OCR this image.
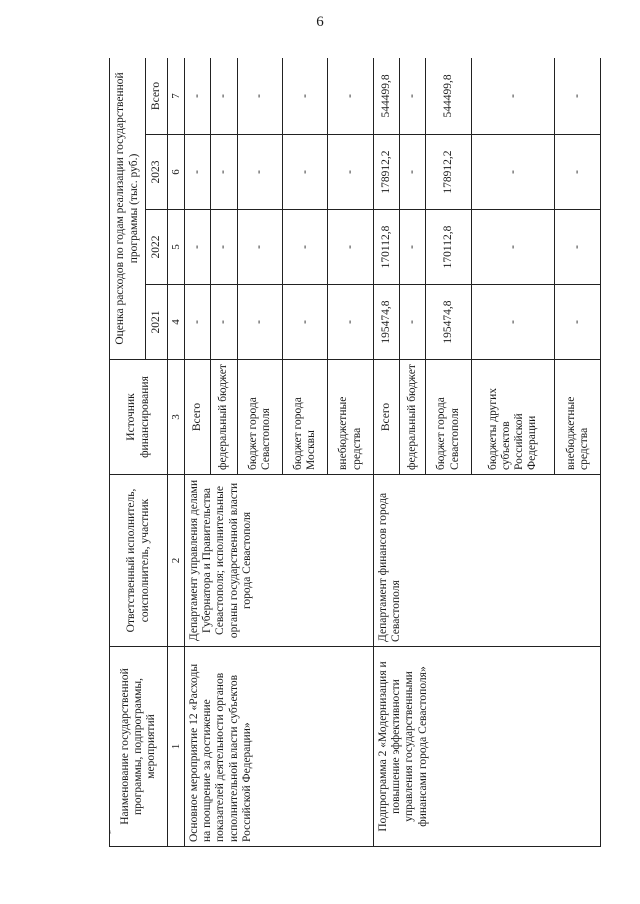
6
ᵢ
Наименование государственной программы, подпрограммы, мероприятий	Ответственный исполнитель, соисполнитель, участник	Источник финансирования	Оценка расходов по годам реализации государственной программы (тыс. руб.)			
			2021	2022	2023	Всего
1	2	3	4	5	6	7
Основное мероприятие 12 «Расходы на поощрение за достижение показателей деятельности органов исполнительной власти субъектов Российской Федерации»	Департамент управления делами Губернатора и Правительства Севастополя; исполнительные органы государственной власти города Севастополя	Всего	-	-	-	-
		федеральный бюджет	-	-	-	-
		бюджет города Севастополя	-	-	-	-
		бюджет города Москвы	-	-	-	-
		внебюджетные средства	-	-	-	-
Подпрограмма 2 «Модернизация и повышение эффективности управления государственными финансами города Севастополя»	Департамент финансов города Севастополя	Всего	195474,8	170112,8	178912,2	544499,8
		федеральный бюджет	-	-	-	-
		бюджет города Севастополя	195474,8	170112,8	178912,2	544499,8
		бюджеты других субъектов Российской Федерации	-	-	-	-
		внебюджетные средства	-	-	-	-
